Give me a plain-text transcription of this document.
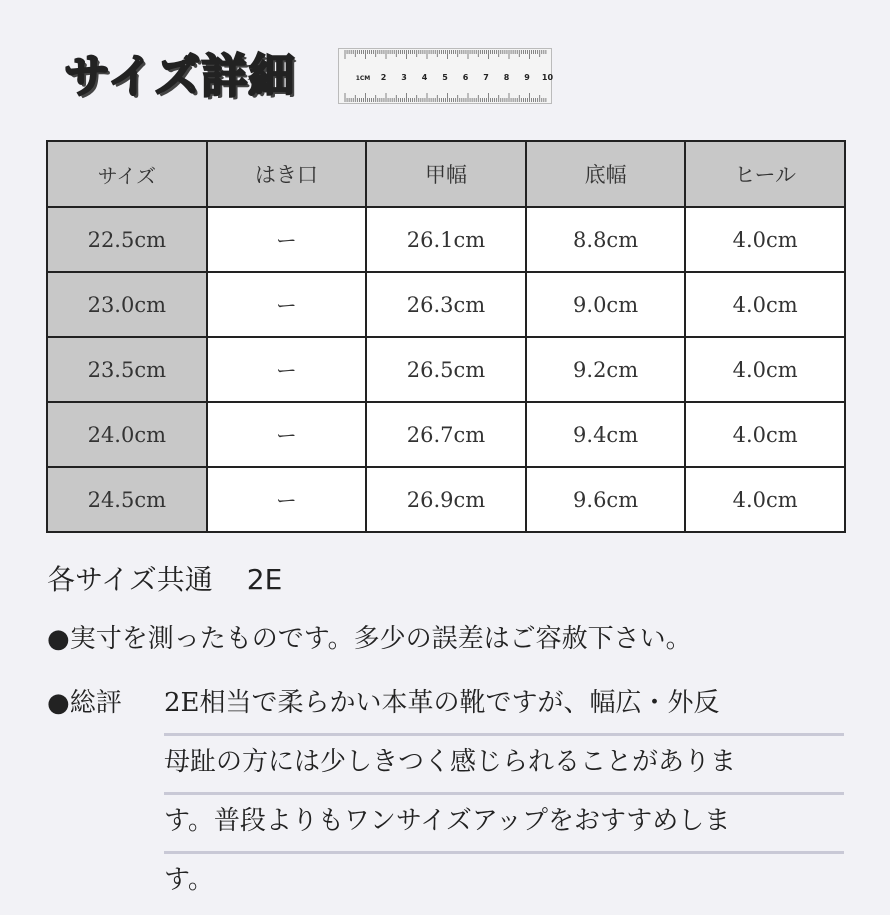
サイズ詳細	1CM 2 3 4 5 6 7 8 9 10
サイズ	はき口	甲幅	底幅	ヒール
22.5cm	ー	26.1cm	8.8cm	4.0cm
23.0cm	ー	26.3cm	9.0cm	4.0cm
23.5cm	ー	26.5cm	9.2cm	4.0cm
24.0cm	ー	26.7cm	9.4cm	4.0cm
24.5cm	ー	26.9cm	9.6cm	4.0cm
各サイズ共通 2E
●実寸を測ったものです。多少の誤差はご容赦下さい。
●総評 2E相当で柔らかい本革の靴ですが、幅広・外反
母趾の方には少しきつく感じられることがありま
す。普段よりもワンサイズアップをおすすめしま
す。
